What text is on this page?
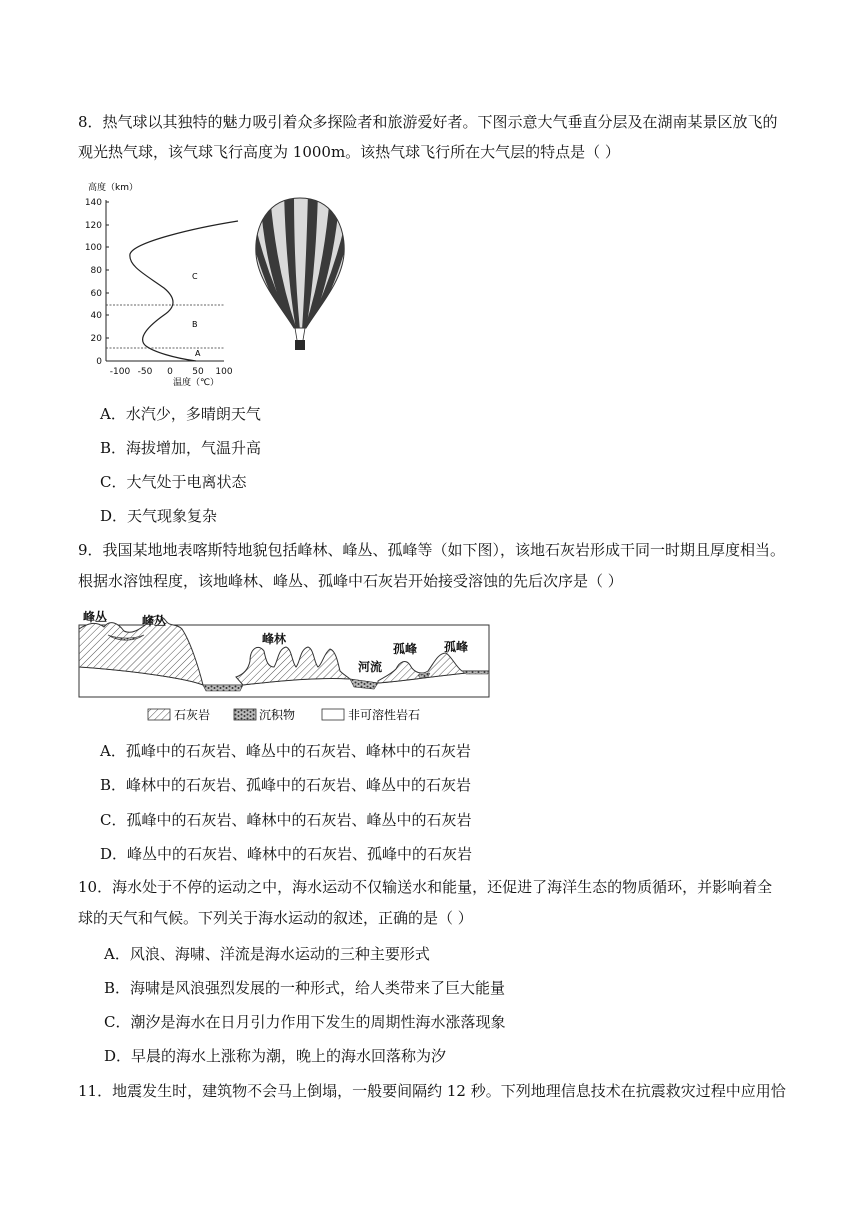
8．热气球以其独特的魅力吸引着众多探险者和旅游爱好者。下图示意大气垂直分层及在湖南某景区放飞的
观光热气球，该气球飞行高度为 1000m。该热气球飞行所在大气层的特点是（ ）
高度（km）
140
120
100
80
60
40
20
0
-100 -50 0 50 100
温度（℃）
A
B
C
A．水汽少，多晴朗天气
B．海拔增加，气温升高
C．大气处于电离状态
D．天气现象复杂
9．我国某地地表喀斯特地貌包括峰林、峰丛、孤峰等（如下图），该地石灰岩形成干同一时期且厚度相当。
根据水溶蚀程度，该地峰林、峰丛、孤峰中石灰岩开始接受溶蚀的先后次序是（ ）
峰丛	峰丛
峰林
河流
孤峰 孤峰
石灰岩	沉积物	非可溶性岩石
A．孤峰中的石灰岩、峰丛中的石灰岩、峰林中的石灰岩
B．峰林中的石灰岩、孤峰中的石灰岩、峰丛中的石灰岩
C．孤峰中的石灰岩、峰林中的石灰岩、峰丛中的石灰岩
D．峰丛中的石灰岩、峰林中的石灰岩、孤峰中的石灰岩
10．海水处于不停的运动之中，海水运动不仅输送水和能量，还促进了海洋生态的物质循环，并影响着全
球的天气和气候。下列关于海水运动的叙述，正确的是（ ）
A．风浪、海啸、洋流是海水运动的三种主要形式
B．海啸是风浪强烈发展的一种形式，给人类带来了巨大能量
C．潮汐是海水在日月引力作用下发生的周期性海水涨落现象
D．早晨的海水上涨称为潮，晚上的海水回落称为汐
11．地震发生时，建筑物不会马上倒塌，一般要间隔约 12 秒。下列地理信息技术在抗震救灾过程中应用恰
